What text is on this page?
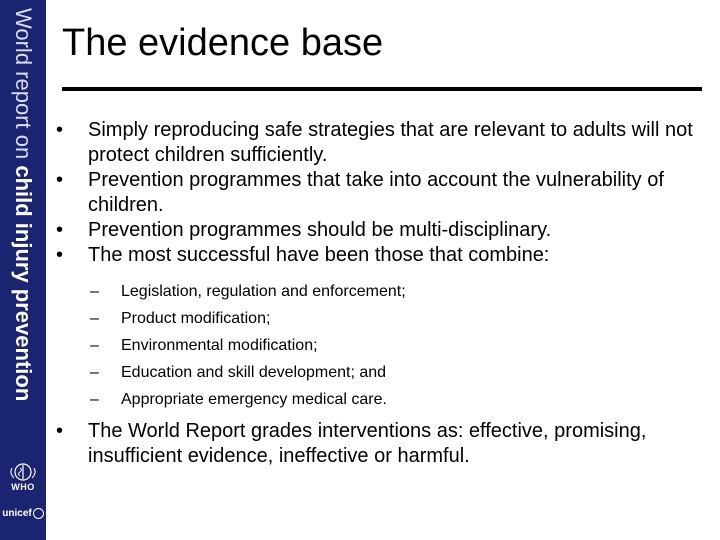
World report on child injury prevention
WHO
unicef
The evidence base
•	Simply reproducing safe strategies that are relevant to adults will not protect children sufficiently.
•	Prevention programmes that take into account the vulnerability of children.
•	Prevention programmes should be multi-disciplinary.
•	The most successful have been those that combine:
– Legislation, regulation and enforcement;
– Product modification;
– Environmental modification;
– Education and skill development; and
– Appropriate emergency medical care.
•	The World Report grades interventions as: effective, promising, insufficient evidence, ineffective or harmful.
